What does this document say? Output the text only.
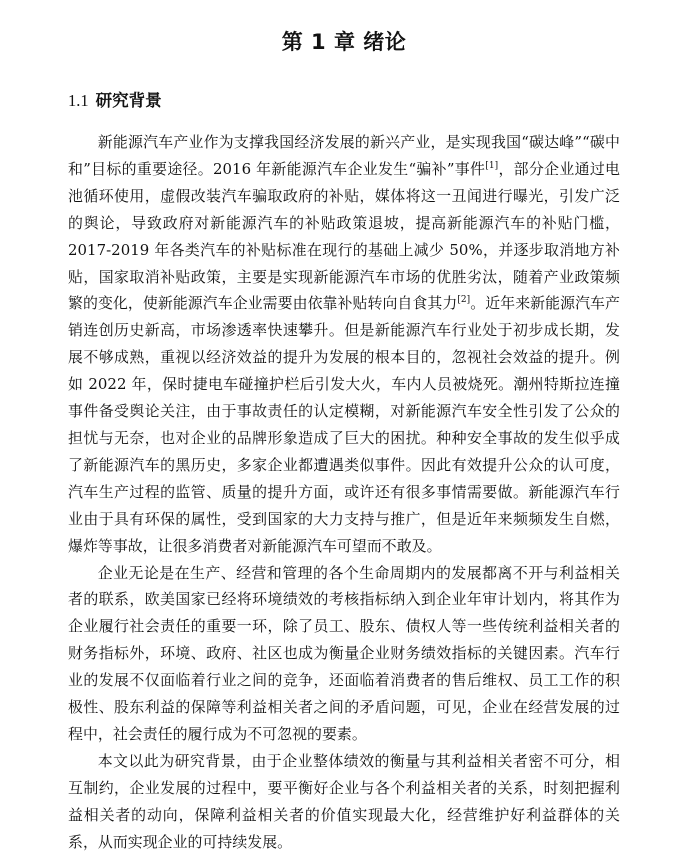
第 1 章 绪论
1.1 研究背景

新能源汽车产业作为支撑我国经济发展的新兴产业，是实现我国“碳达峰”“碳中和”目标的重要途径。2016 年新能源汽车企业发生“骗补”事件[1]，部分企业通过电池循环使用，虚假改装汽车骗取政府的补贴，媒体将这一丑闻进行曝光，引发广泛的舆论，导致政府对新能源汽车的补贴政策退坡，提高新能源汽车的补贴门槛，2017-2019 年各类汽车的补贴标准在现行的基础上减少 50%，并逐步取消地方补贴，国家取消补贴政策，主要是实现新能源汽车市场的优胜劣汰，随着产业政策频繁的变化，使新能源汽车企业需要由依靠补贴转向自食其力[2]。近年来新能源汽车产销连创历史新高，市场渗透率快速攀升。但是新能源汽车行业处于初步成长期，发展不够成熟，重视以经济效益的提升为发展的根本目的，忽视社会效益的提升。例如 2022 年，保时捷电车碰撞护栏后引发大火，车内人员被烧死。潮州特斯拉连撞事件备受舆论关注，由于事故责任的认定模糊，对新能源汽车安全性引发了公众的担忧与无奈，也对企业的品牌形象造成了巨大的困扰。种种安全事故的发生似乎成了新能源汽车的黑历史，多家企业都遭遇类似事件。因此有效提升公众的认可度，汽车生产过程的监管、质量的提升方面，或许还有很多事情需要做。新能源汽车行业由于具有环保的属性，受到国家的大力支持与推广，但是近年来频频发生自燃，爆炸等事故，让很多消费者对新能源汽车可望而不敢及。

企业无论是在生产、经营和管理的各个生命周期内的发展都离不开与利益相关者的联系，欧美国家已经将环境绩效的考核指标纳入到企业年审计划内，将其作为企业履行社会责任的重要一环，除了员工、股东、债权人等一些传统利益相关者的财务指标外，环境、政府、社区也成为衡量企业财务绩效指标的关键因素。汽车行业的发展不仅面临着行业之间的竞争，还面临着消费者的售后维权、员工工作的积极性、股东利益的保障等利益相关者之间的矛盾问题，可见，企业在经营发展的过程中，社会责任的履行成为不可忽视的要素。

本文以此为研究背景，由于企业整体绩效的衡量与其利益相关者密不可分，相互制约，企业发展的过程中，要平衡好企业与各个利益相关者的关系，时刻把握利益相关者的动向，保障利益相关者的价值实现最大化，经营维护好利益群体的关系，从而实现企业的可持续发展。
